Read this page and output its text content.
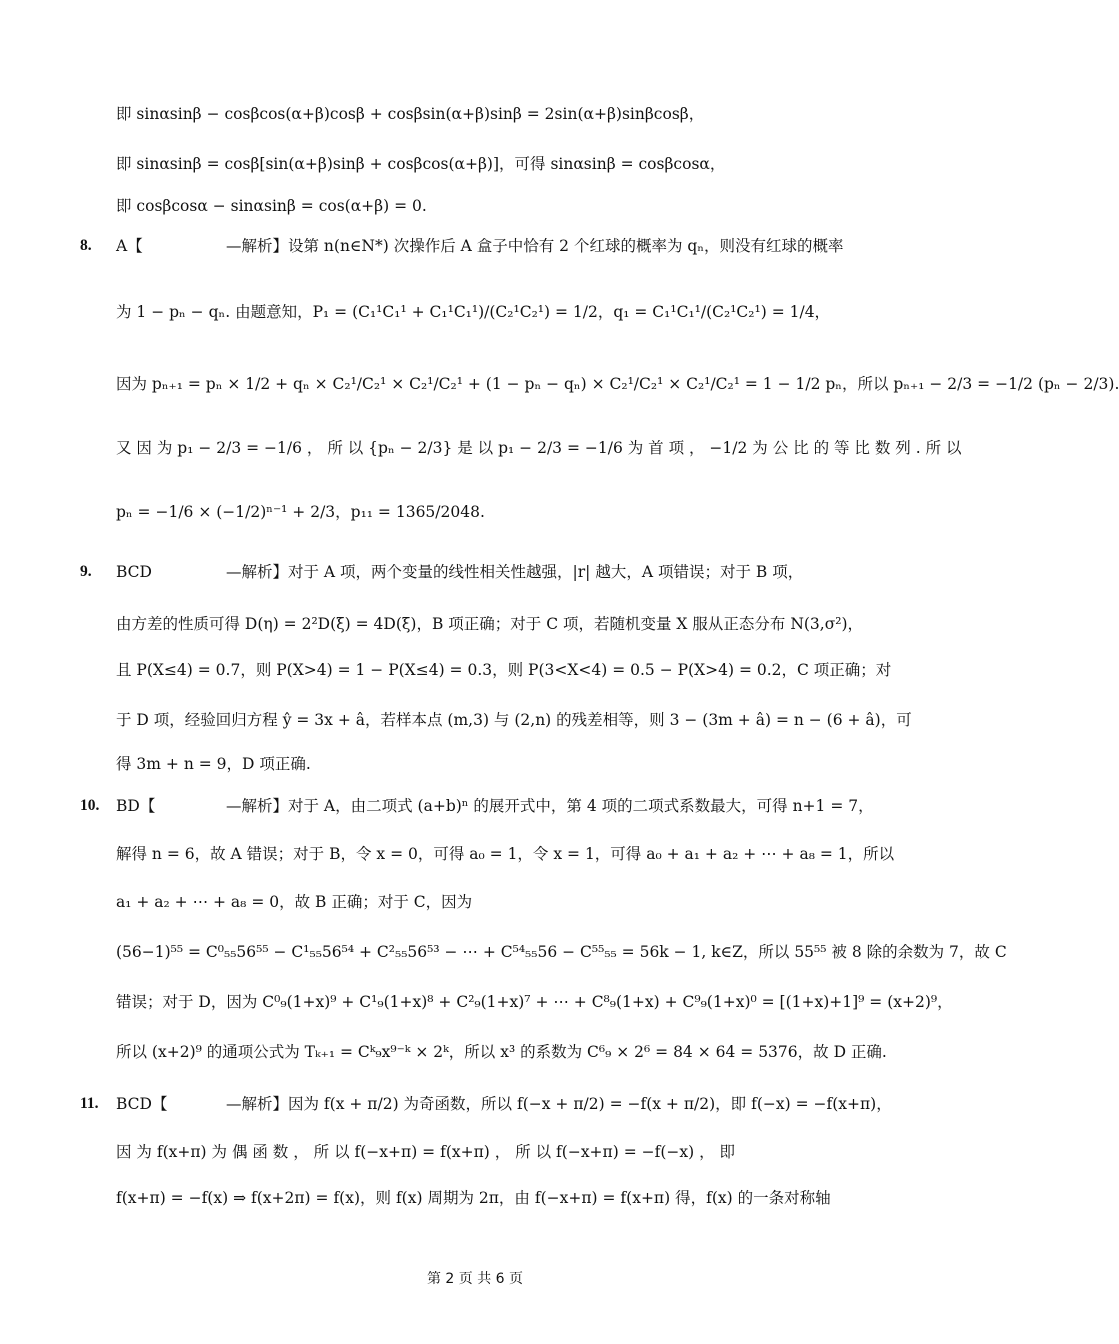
即 sinαsinβ − cosβcos(α+β)cosβ + cosβsin(α+β)sinβ = 2sin(α+β)sinβcosβ，
即 sinαsinβ = cosβ[sin(α+β)sinβ + cosβcos(α+β)]，可得 sinαsinβ = cosβcosα，
即 cosβcosα − sinαsinβ = cos(α+β) = 0.
8. A【	—解析】设第 n(n∈N*) 次操作后 A 盒子中恰有 2 个红球的概率为 qₙ，则没有红球的概率
为 1 − pₙ − qₙ. 由题意知，P₁ = (C₁¹C₁¹ + C₁¹C₁¹)/(C₂¹C₂¹) = 1/2，q₁ = C₁¹C₁¹/(C₂¹C₂¹) = 1/4，
因为 pₙ₊₁ = pₙ × 1/2 + qₙ × C₂¹/C₂¹ × C₂¹/C₂¹ + (1 − pₙ − qₙ) × C₂¹/C₂¹ × C₂¹/C₂¹ = 1 − 1/2 pₙ，所以 pₙ₊₁ − 2/3 = −1/2 (pₙ − 2/3).
又 因 为 p₁ − 2/3 = −1/6 ， 所 以 {pₙ − 2/3} 是 以 p₁ − 2/3 = −1/6 为 首 项 ， −1/2 为 公 比 的 等 比 数 列 . 所 以
pₙ = −1/6 × (−1/2)ⁿ⁻¹ + 2/3，p₁₁ = 1365/2048.
9. BCD	—解析】对于 A 项，两个变量的线性相关性越强，|r| 越大，A 项错误；对于 B 项，
由方差的性质可得 D(η) = 2²D(ξ) = 4D(ξ)，B 项正确；对于 C 项，若随机变量 X 服从正态分布 N(3,σ²)，
且 P(X≤4) = 0.7，则 P(X>4) = 1 − P(X≤4) = 0.3，则 P(3<X<4) = 0.5 − P(X>4) = 0.2，C 项正确；对
于 D 项，经验回归方程 ŷ = 3x + â，若样本点 (m,3) 与 (2,n) 的残差相等，则 3 − (3m + â) = n − (6 + â)，可
得 3m + n = 9，D 项正确.
10. BD【	—解析】对于 A，由二项式 (a+b)ⁿ 的展开式中，第 4 项的二项式系数最大，可得 n+1 = 7，
解得 n = 6，故 A 错误；对于 B，令 x = 0，可得 a₀ = 1，令 x = 1，可得 a₀ + a₁ + a₂ + ⋯ + a₈ = 1，所以
a₁ + a₂ + ⋯ + a₈ = 0，故 B 正确；对于 C，因为
(56−1)⁵⁵ = C⁰₅₅56⁵⁵ − C¹₅₅56⁵⁴ + C²₅₅56⁵³ − ⋯ + C⁵⁴₅₅56 − C⁵⁵₅₅ = 56k − 1, k∈Z，所以 55⁵⁵ 被 8 除的余数为 7，故 C
错误；对于 D，因为 C⁰₉(1+x)⁹ + C¹₉(1+x)⁸ + C²₉(1+x)⁷ + ⋯ + C⁸₉(1+x) + C⁹₉(1+x)⁰ = [(1+x)+1]⁹ = (x+2)⁹，
所以 (x+2)⁹ 的通项公式为 Tₖ₊₁ = Cᵏ₉x⁹⁻ᵏ × 2ᵏ，所以 x³ 的系数为 C⁶₉ × 2⁶ = 84 × 64 = 5376，故 D 正确.
11. BCD【	—解析】因为 f(x + π/2) 为奇函数，所以 f(−x + π/2) = −f(x + π/2)，即 f(−x) = −f(x+π)，
因 为 f(x+π) 为 偶 函 数 ， 所 以 f(−x+π) = f(x+π) ， 所 以 f(−x+π) = −f(−x) ， 即
f(x+π) = −f(x) ⇒ f(x+2π) = f(x)，则 f(x) 周期为 2π，由 f(−x+π) = f(x+π) 得，f(x) 的一条对称轴
第 2 页 共 6 页
